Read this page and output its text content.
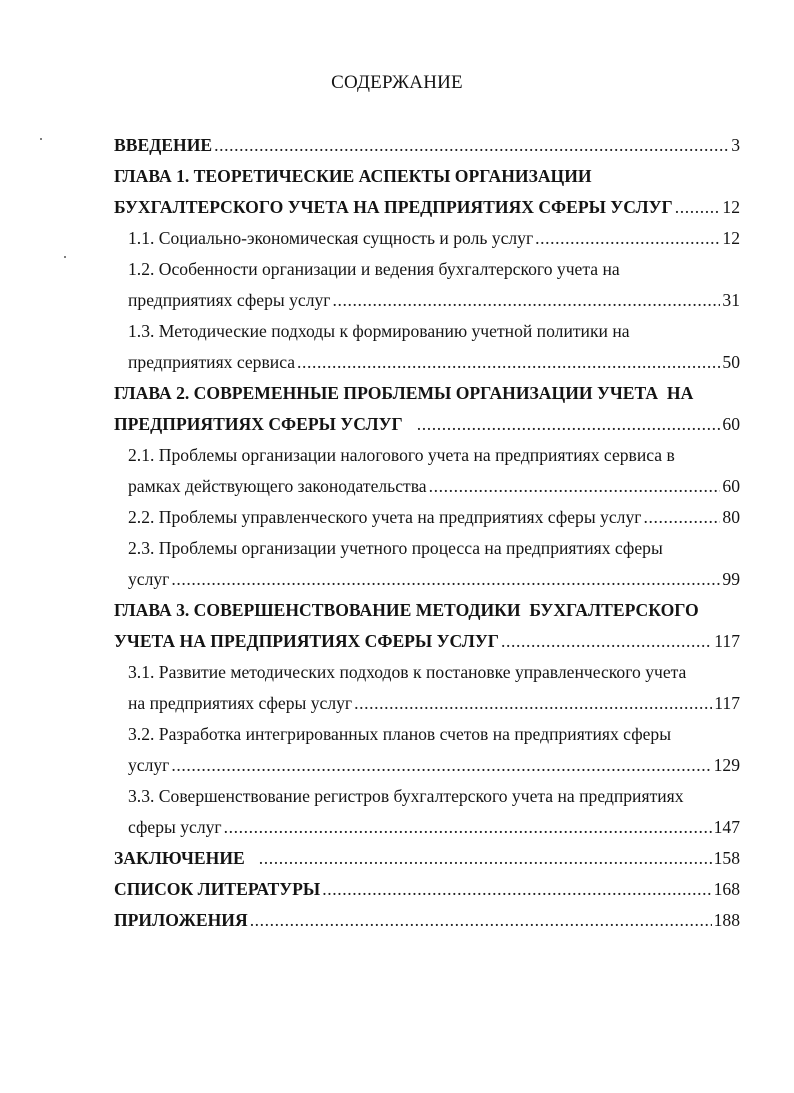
СОДЕРЖАНИЕ
ВВЕДЕНИЕ .....	3
ГЛАВА 1. ТЕОРЕТИЧЕСКИЕ АСПЕКТЫ ОРГАНИЗАЦИИ
БУХГАЛТЕРСКОГО УЧЕТА НА ПРЕДПРИЯТИЯХ СФЕРЫ УСЛУГ .....	12
1.1. Социально-экономическая сущность и роль услуг .....	12
1.2. Особенности организации и ведения бухгалтерского учета на
предприятиях сферы услуг .....	31
1.3. Методические подходы к формированию учетной политики на
предприятиях сервиса .....	50
ГЛАВА 2. СОВРЕМЕННЫЕ ПРОБЛЕМЫ ОРГАНИЗАЦИИ УЧЕТА  НА
ПРЕДПРИЯТИЯХ СФЕРЫ УСЛУГ .....	60
2.1. Проблемы организации налогового учета на предприятиях сервиса в
рамках действующего законодательства .....	60
2.2. Проблемы управленческого учета на предприятиях сферы услуг .....	80
2.3. Проблемы организации учетного процесса на предприятиях сферы
услуг .....	99
ГЛАВА 3. СОВЕРШЕНСТВОВАНИЕ МЕТОДИКИ  БУХГАЛТЕРСКОГО
УЧЕТА НА ПРЕДПРИЯТИЯХ СФЕРЫ УСЛУГ .....	117
3.1. Развитие методических подходов к постановке управленческого учета
на предприятиях сферы услуг .....	117
3.2. Разработка интегрированных планов счетов на предприятиях сферы
услуг .....	129
3.3. Совершенствование регистров бухгалтерского учета на предприятиях
сферы услуг .....	147
ЗАКЛЮЧЕНИЕ .....	158
СПИСОК ЛИТЕРАТУРЫ .....	168
ПРИЛОЖЕНИЯ .....	188
